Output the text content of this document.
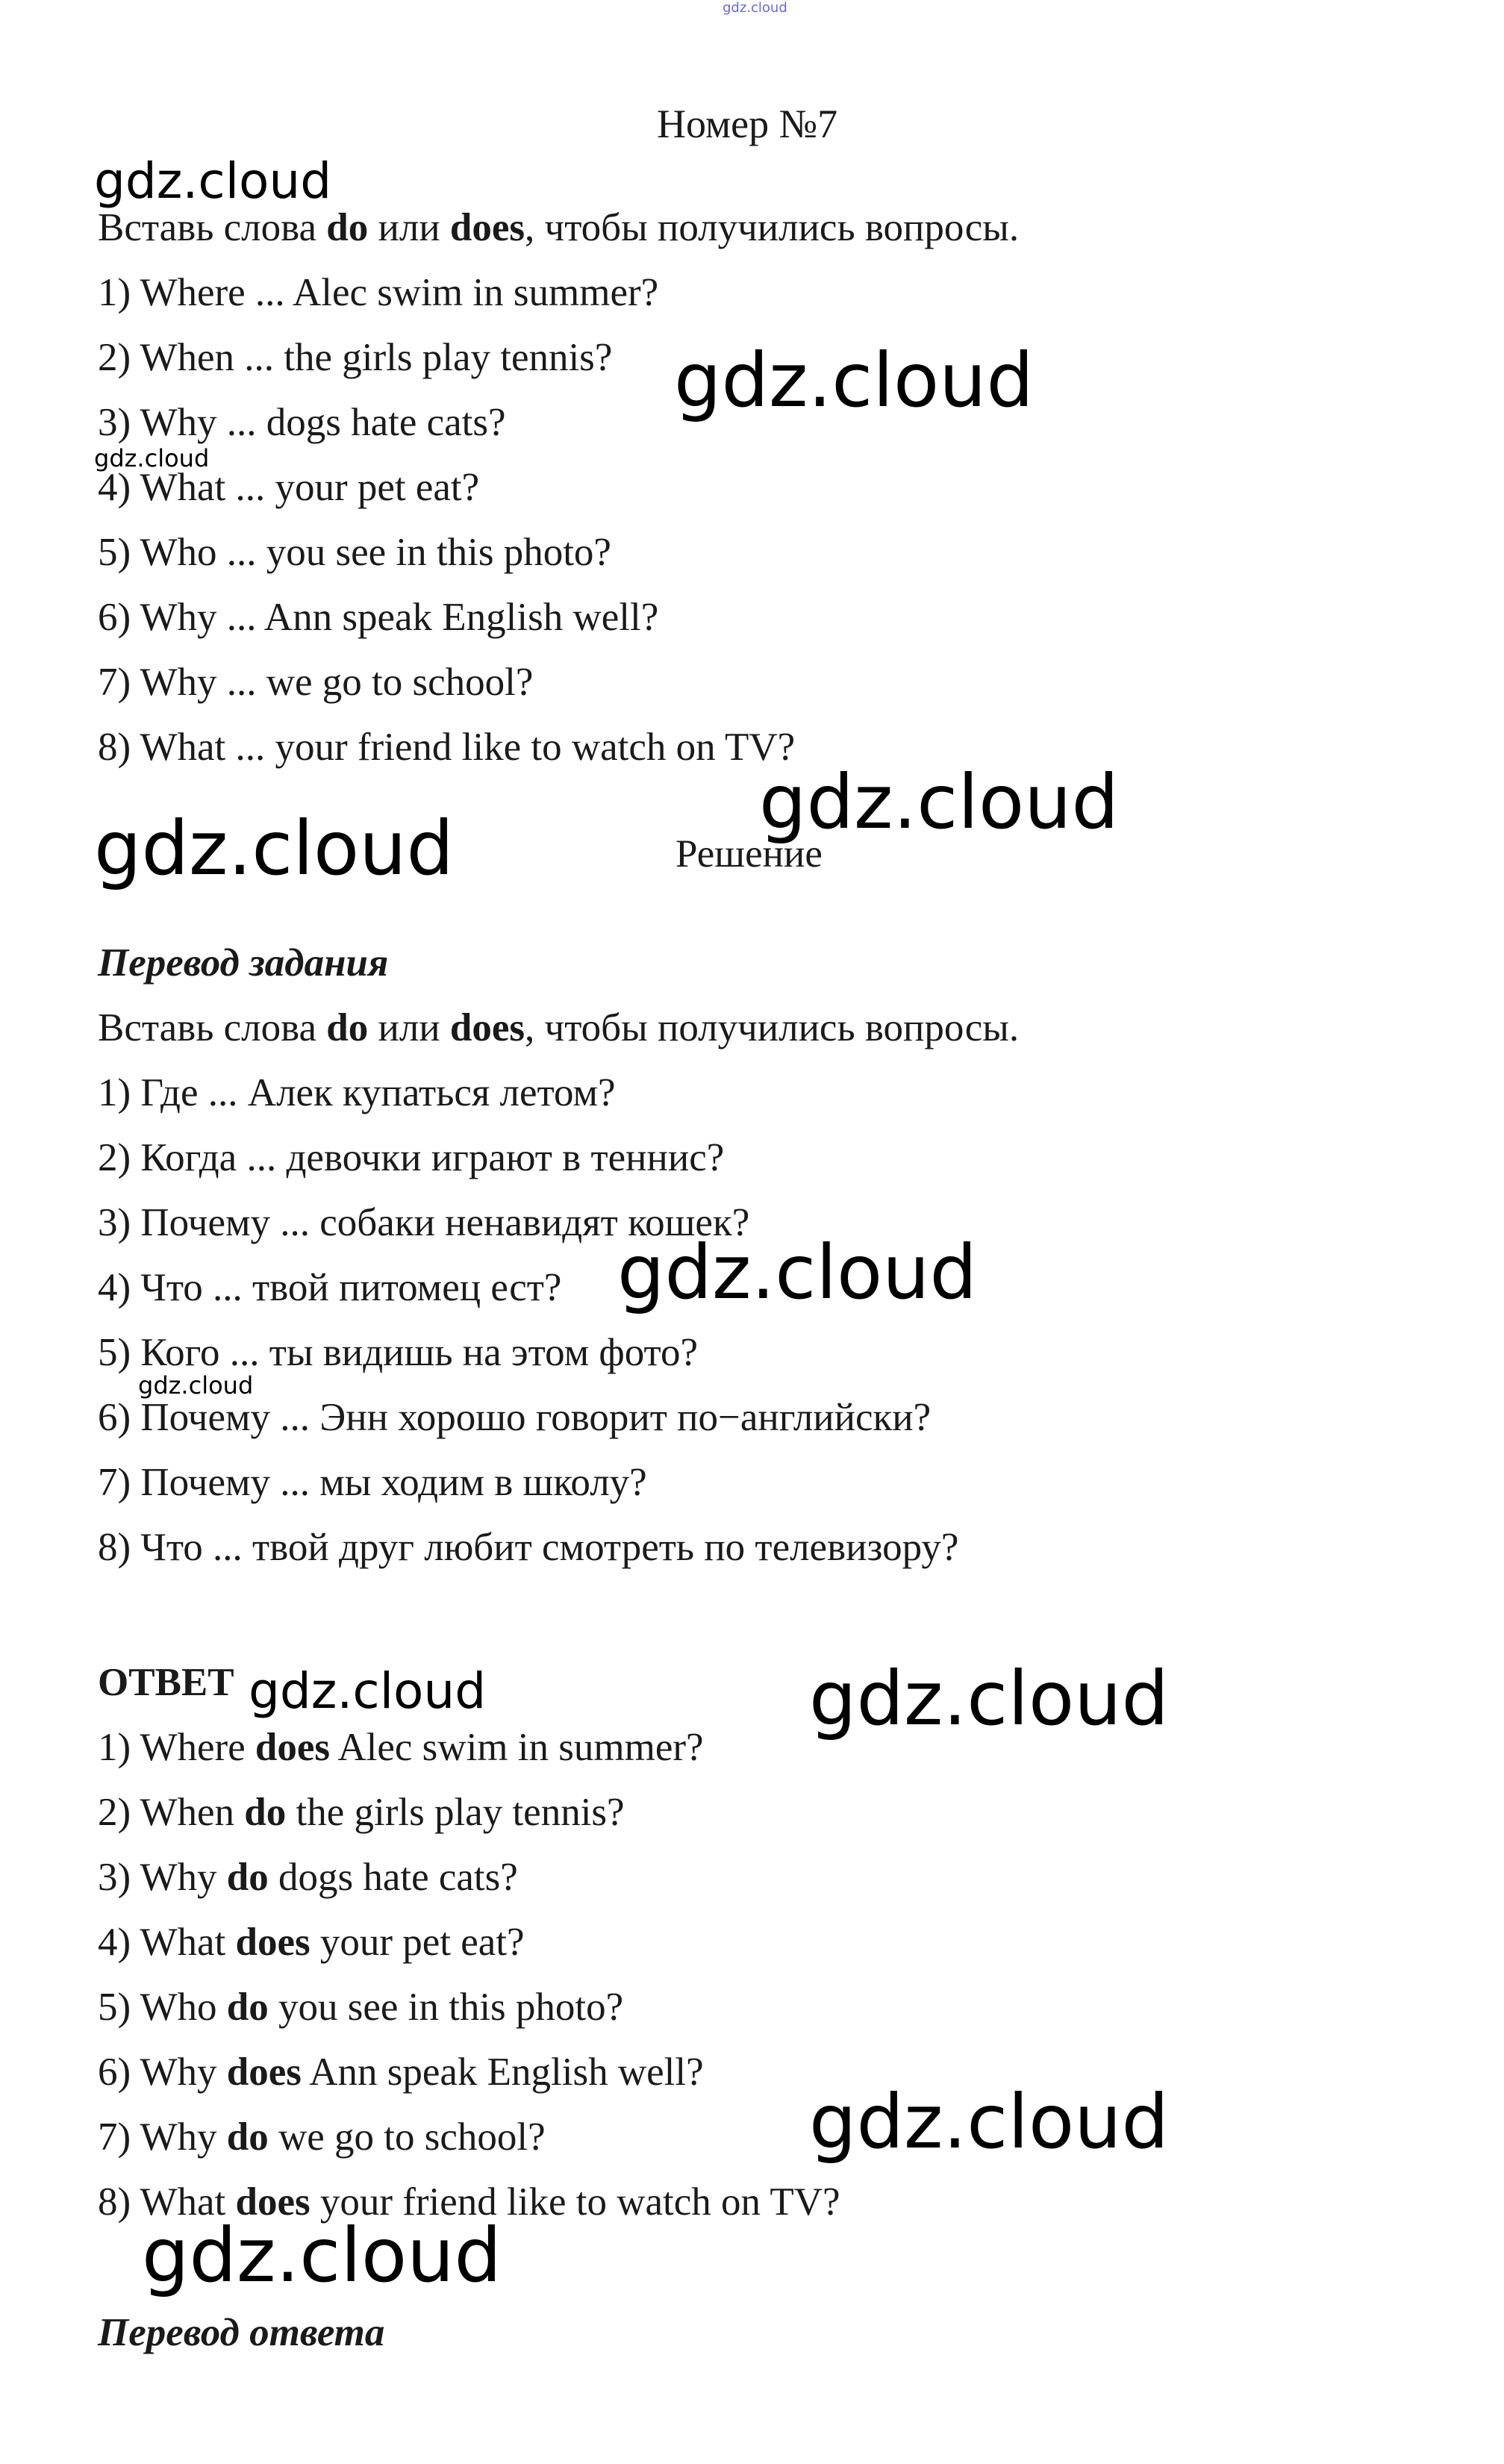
Номер №7
Вставь слова do или does, чтобы получились вопросы.
1) Where ... Alec swim in summer?
2) When ... the girls play tennis?
3) Why ... dogs hate cats?
4) What ... your pet eat?
5) Who ... you see in this photo?
6) Why ... Ann speak English well?
7) Why ... we go to school?
8) What ... your friend like to watch on TV?
Решение
Перевод задания
Вставь слова do или does, чтобы получились вопросы.
1) Где ... Алек купаться летом?
2) Когда ... девочки играют в теннис?
3) Почему ... собаки ненавидят кошек?
4) Что ... твой питомец ест?
5) Кого ... ты видишь на этом фото?
6) Почему ... Энн хорошо говорит по−английски?
7) Почему ... мы ходим в школу?
8) Что ... твой друг любит смотреть по телевизору?
ОТВЕТ
1) Where does Alec swim in summer?
2) When do the girls play tennis?
3) Why do dogs hate cats?
4) What does your pet eat?
5) Who do you see in this photo?
6) Why does Ann speak English well?
7) Why do we go to school?
8) What does your friend like to watch on TV?
Перевод ответа
gdz.cloud
gdz.cloud
gdz.cloud
gdz.cloud
gdz.cloud
gdz.cloud
gdz.cloud
gdz.cloud
gdz.cloud	gdz.cloud
gdz.cloud
gdz.cloud
